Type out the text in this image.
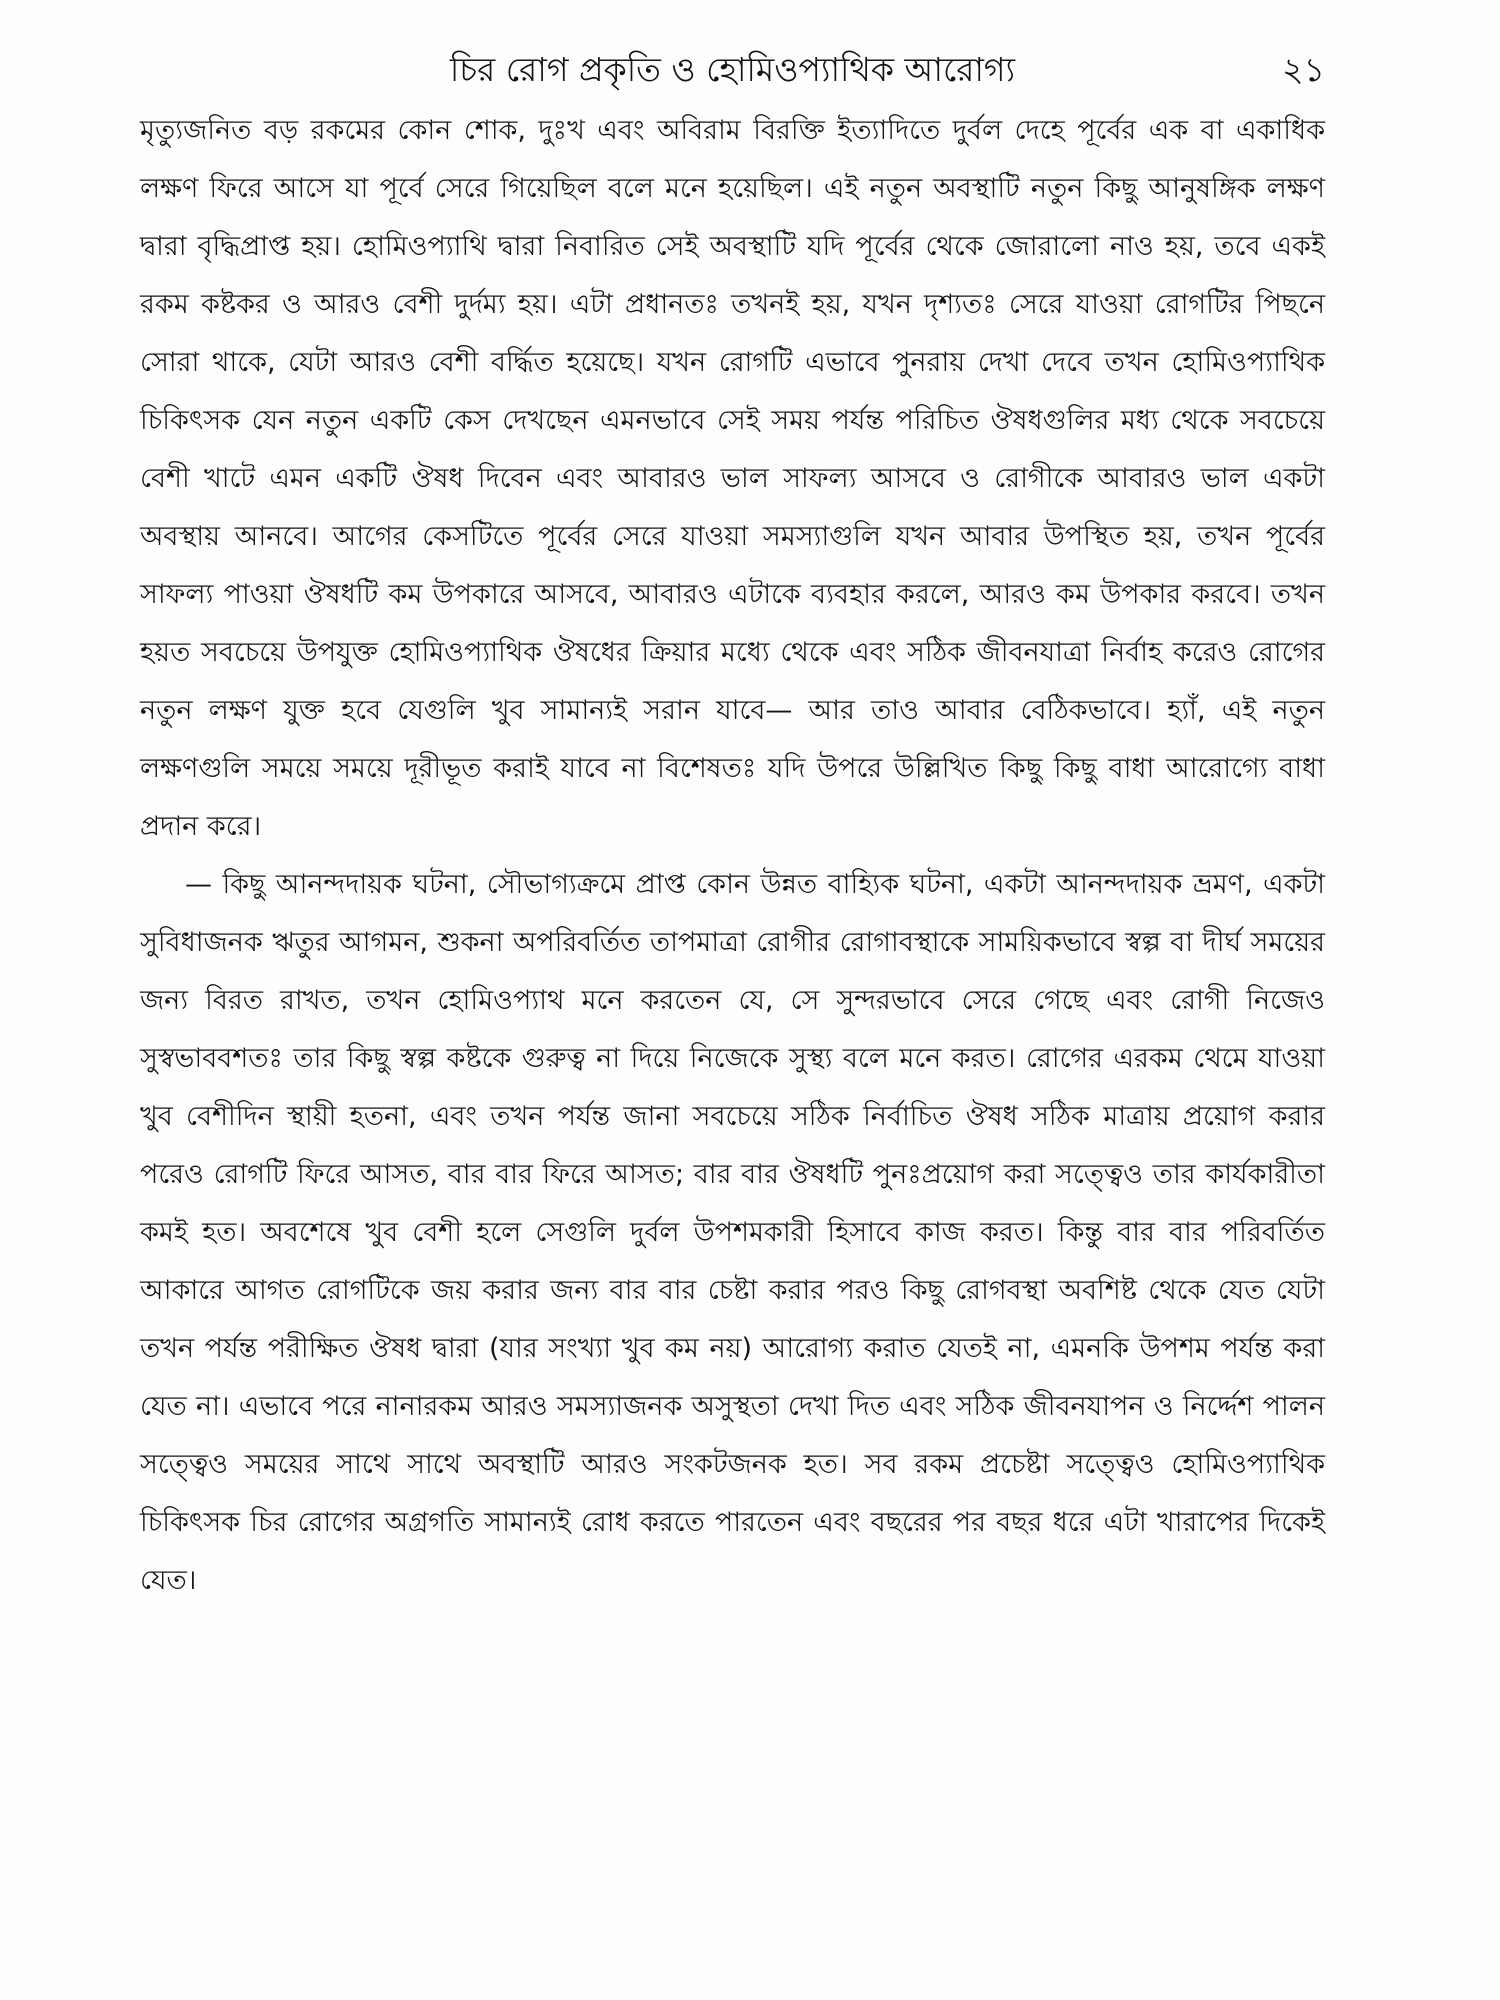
চির রোগ প্রকৃতি ও হোমিওপ্যাথিক আরোগ্য	২১

মৃত্যুজনিত বড় রকমের কোন শোক, দুঃখ এবং অবিরাম বিরক্তি ইত্যাদিতে দুর্বল দেহে পূর্বের এক বা একাধিক লক্ষণ ফিরে আসে যা পূর্বে সেরে গিয়েছিল বলে মনে হয়েছিল। এই নতুন অবস্থাটি নতুন কিছু আনুষঙ্গিক লক্ষণ দ্বারা বৃদ্ধিপ্রাপ্ত হয়। হোমিওপ্যাথি দ্বারা নিবারিত সেই অবস্থাটি যদি পূর্বের থেকে জোরালো নাও হয়, তবে একই রকম কষ্টকর ও আরও বেশী দুর্দম্য হয়। এটা প্রধানতঃ তখনই হয়, যখন দৃশ্যতঃ সেরে যাওয়া রোগটির পিছনে সোরা থাকে, যেটা আরও বেশী বর্দ্ধিত হয়েছে। যখন রোগটি এভাবে পুনরায় দেখা দেবে তখন হোমিওপ্যাথিক চিকিৎসক যেন নতুন একটি কেস দেখছেন এমনভাবে সেই সময় পর্যন্ত পরিচিত ঔষধগুলির মধ্য থেকে সবচেয়ে বেশী খাটে এমন একটি ঔষধ দিবেন এবং আবারও ভাল সাফল্য আসবে ও রোগীকে আবারও ভাল একটা অবস্থায় আনবে। আগের কেসটিতে পূর্বের সেরে যাওয়া সমস্যাগুলি যখন আবার উপস্থিত হয়, তখন পূর্বের সাফল্য পাওয়া ঔষধটি কম উপকারে আসবে, আবারও এটাকে ব্যবহার করলে, আরও কম উপকার করবে। তখন হয়ত সবচেয়ে উপযুক্ত হোমিওপ্যাথিক ঔষধের ক্রিয়ার মধ্যে থেকে এবং সঠিক জীবনযাত্রা নির্বাহ করেও রোগের নতুন লক্ষণ যুক্ত হবে যেগুলি খুব সামান্যই সরান যাবে— আর তাও আবার বেঠিকভাবে। হ্যাঁ, এই নতুন লক্ষণগুলি সময়ে সময়ে দূরীভূত করাই যাবে না বিশেষতঃ যদি উপরে উল্লিখিত কিছু কিছু বাধা আরোগ্যে বাধা প্রদান করে।

— কিছু আনন্দদায়ক ঘটনা, সৌভাগ্যক্রমে প্রাপ্ত কোন উন্নত বাহ্যিক ঘটনা, একটা আনন্দদায়ক ভ্রমণ, একটা সুবিধাজনক ঋতুর আগমন, শুকনা অপরিবর্তিত তাপমাত্রা রোগীর রোগাবস্থাকে সাময়িকভাবে স্বল্প বা দীর্ঘ সময়ের জন্য বিরত রাখত, তখন হোমিওপ্যাথ মনে করতেন যে, সে সুন্দরভাবে সেরে গেছে এবং রোগী নিজেও সুস্বভাববশতঃ তার কিছু স্বল্প কষ্টকে গুরুত্ব না দিয়ে নিজেকে সুস্থ্য বলে মনে করত। রোগের এরকম থেমে যাওয়া খুব বেশীদিন স্থায়ী হতনা, এবং তখন পর্যন্ত জানা সবচেয়ে সঠিক নির্বাচিত ঔষধ সঠিক মাত্রায় প্রয়োগ করার পরেও রোগটি ফিরে আসত, বার বার ফিরে আসত; বার বার ঔষধটি পুনঃপ্রয়োগ করা সত্ত্বেও তার কার্যকারীতা কমই হত। অবশেষে খুব বেশী হলে সেগুলি দুর্বল উপশমকারী হিসাবে কাজ করত। কিন্তু বার বার পরিবর্তিত আকারে আগত রোগটিকে জয় করার জন্য বার বার চেষ্টা করার পরও কিছু রোগবস্থা অবশিষ্ট থেকে যেত যেটা তখন পর্যন্ত পরীক্ষিত ঔষধ দ্বারা (যার সংখ্যা খুব কম নয়) আরোগ্য করাত যেতই না, এমনকি উপশম পর্যন্ত করা যেত না। এভাবে পরে নানারকম আরও সমস্যাজনক অসুস্থতা দেখা দিত এবং সঠিক জীবনযাপন ও নির্দ্দেশ পালন সত্ত্বেও সময়ের সাথে সাথে অবস্থাটি আরও সংকটজনক হত। সব রকম প্রচেষ্টা সত্ত্বেও হোমিওপ্যাথিক চিকিৎসক চির রোগের অগ্রগতি সামান্যই রোধ করতে পারতেন এবং বছরের পর বছর ধরে এটা খারাপের দিকেই যেত।
